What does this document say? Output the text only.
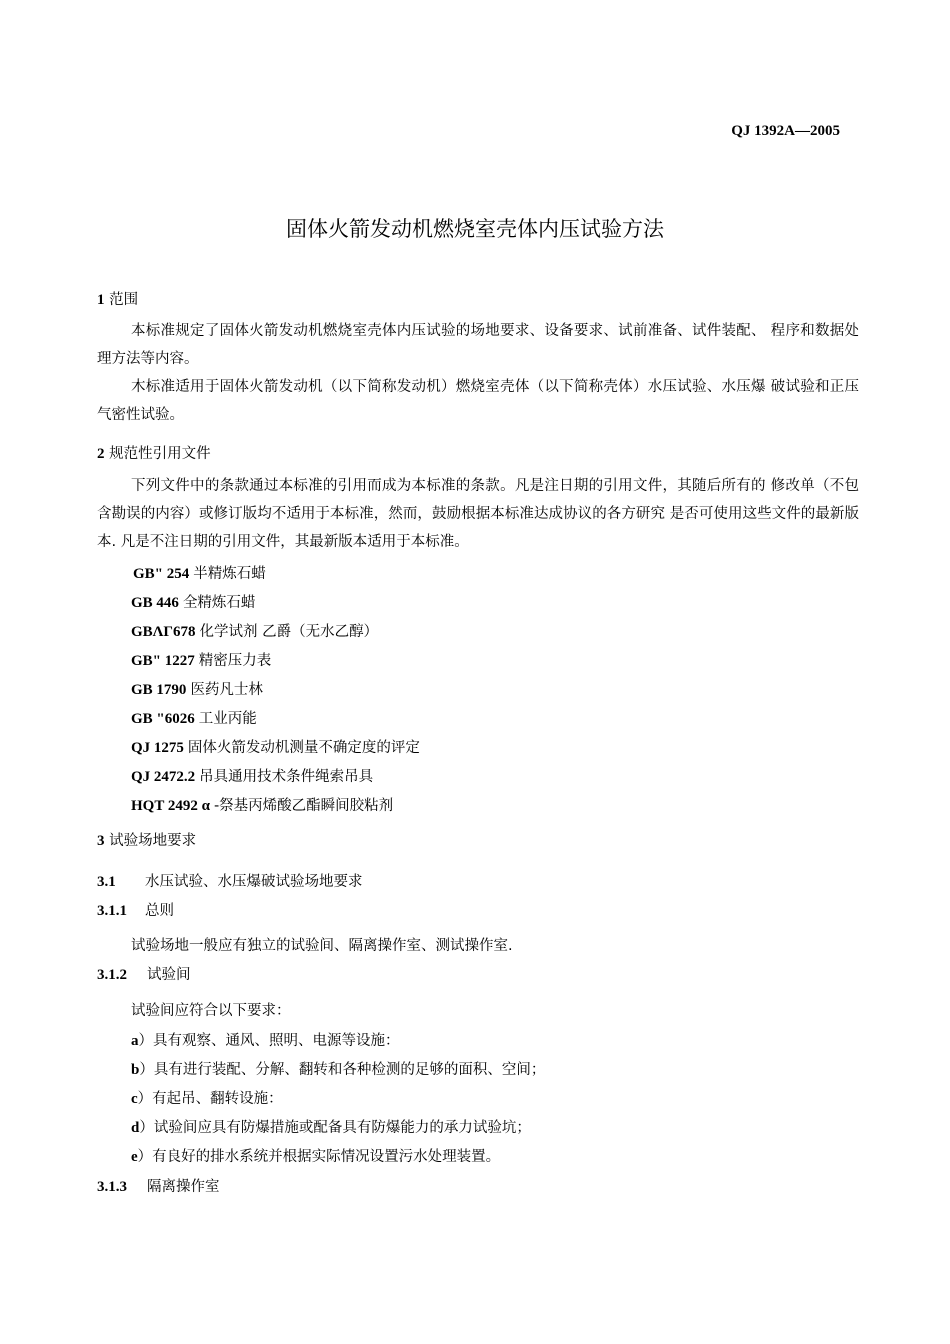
QJ 1392A—2005
固体火箭发动机燃烧室壳体内压试验方法
1 范围
本标准规定了固体火箭发动机燃烧室壳体内压试验的场地要求、设备要求、试前准备、试件装配、 程序和数据处理方法等内容。
木标准适用于固体火箭发动机（以下简称发动机）燃烧室壳体（以下简称壳体）水压试验、水压爆 破试验和正压气密性试验。
2 规范性引用文件
下列文件中的条款通过本标准的引用而成为本标准的条款。凡是注日期的引用文件，其随后所有的 修改单（不包含勘误的内容）或修订版均不适用于本标准，然而，鼓励根据本标准达成协议的各方研究 是否可使用这些文件的最新版本. 凡是不注日期的引用文件，其最新版本适用于本标准。
GB" 254 半精炼石蜡
GB 446 全精炼石蜡
GBΛΓ678 化学试剂 乙爵（无水乙醇）
GB" 1227 精密压力表
GB 1790 医药凡士林
GB "6026 工业丙能
QJ 1275 固体火箭发动机测量不确定度的评定
QJ 2472.2 吊具通用技术条件绳索吊具
HQT 2492 α -祭基丙烯酸乙酯瞬间胶粘剂
3 试验场地要求
3.1 水压试验、水压爆破试验场地要求
3.1.1 总则
试验场地一般应有独立的试验间、隔离操作室、测试操作室.
3.1.2 试验间
试验间应符合以下要求：
a）具有观察、通风、照明、电源等设施：
b）具有进行装配、分解、翻转和各种检测的足够的面积、空间；
c）有起吊、翻转设施：
d）试验间应具有防爆措施或配备具有防爆能力的承力试验坑；
e）有良好的排水系统并根据实际情况设置污水处理装置。
3.1.3 隔离操作室
